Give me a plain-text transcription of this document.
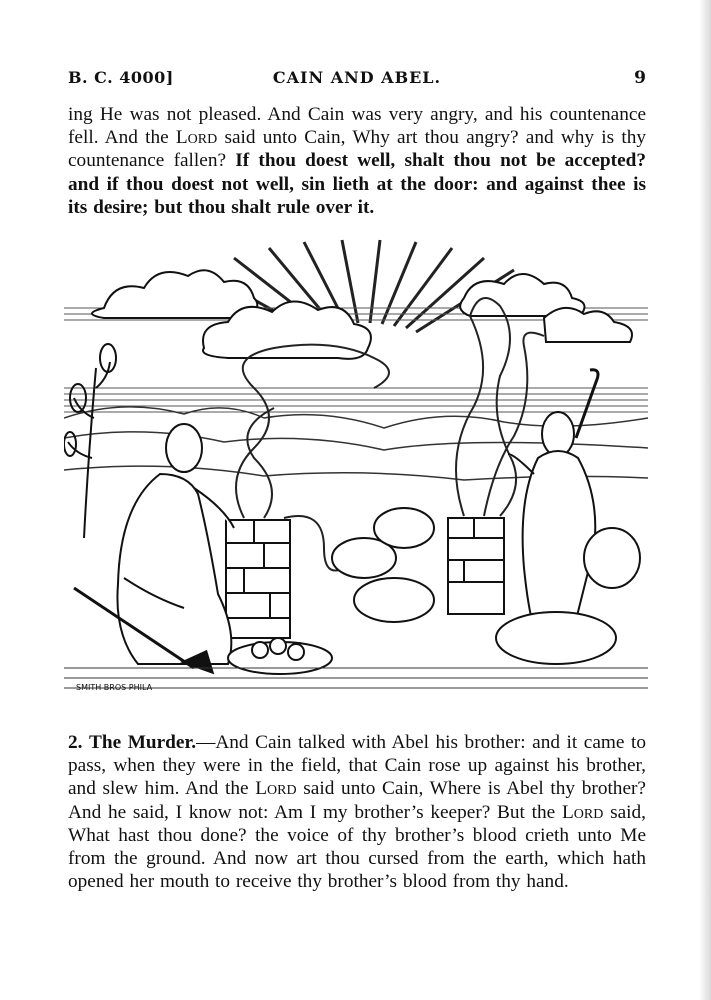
B. C. 4000]	CAIN AND ABEL.	9
ing He was not pleased. And Cain was very angry, and his countenance fell. And the Lord said unto Cain, Why art thou angry? and why is thy countenance fallen? If thou doest well, shalt thou not be accepted? and if thou doest not well, sin lieth at the door: and against thee is its desire; but thou shalt rule over it.
SMITH BROS PHILA
2. The Murder.—And Cain talked with Abel his brother: and it came to pass, when they were in the field, that Cain rose up against his brother, and slew him. And the Lord said unto Cain, Where is Abel thy brother? And he said, I know not: Am I my brother’s keeper? But the Lord said, What hast thou done? the voice of thy brother’s blood crieth unto Me from the ground. And now art thou cursed from the earth, which hath opened her mouth to receive thy brother’s blood from thy hand.
